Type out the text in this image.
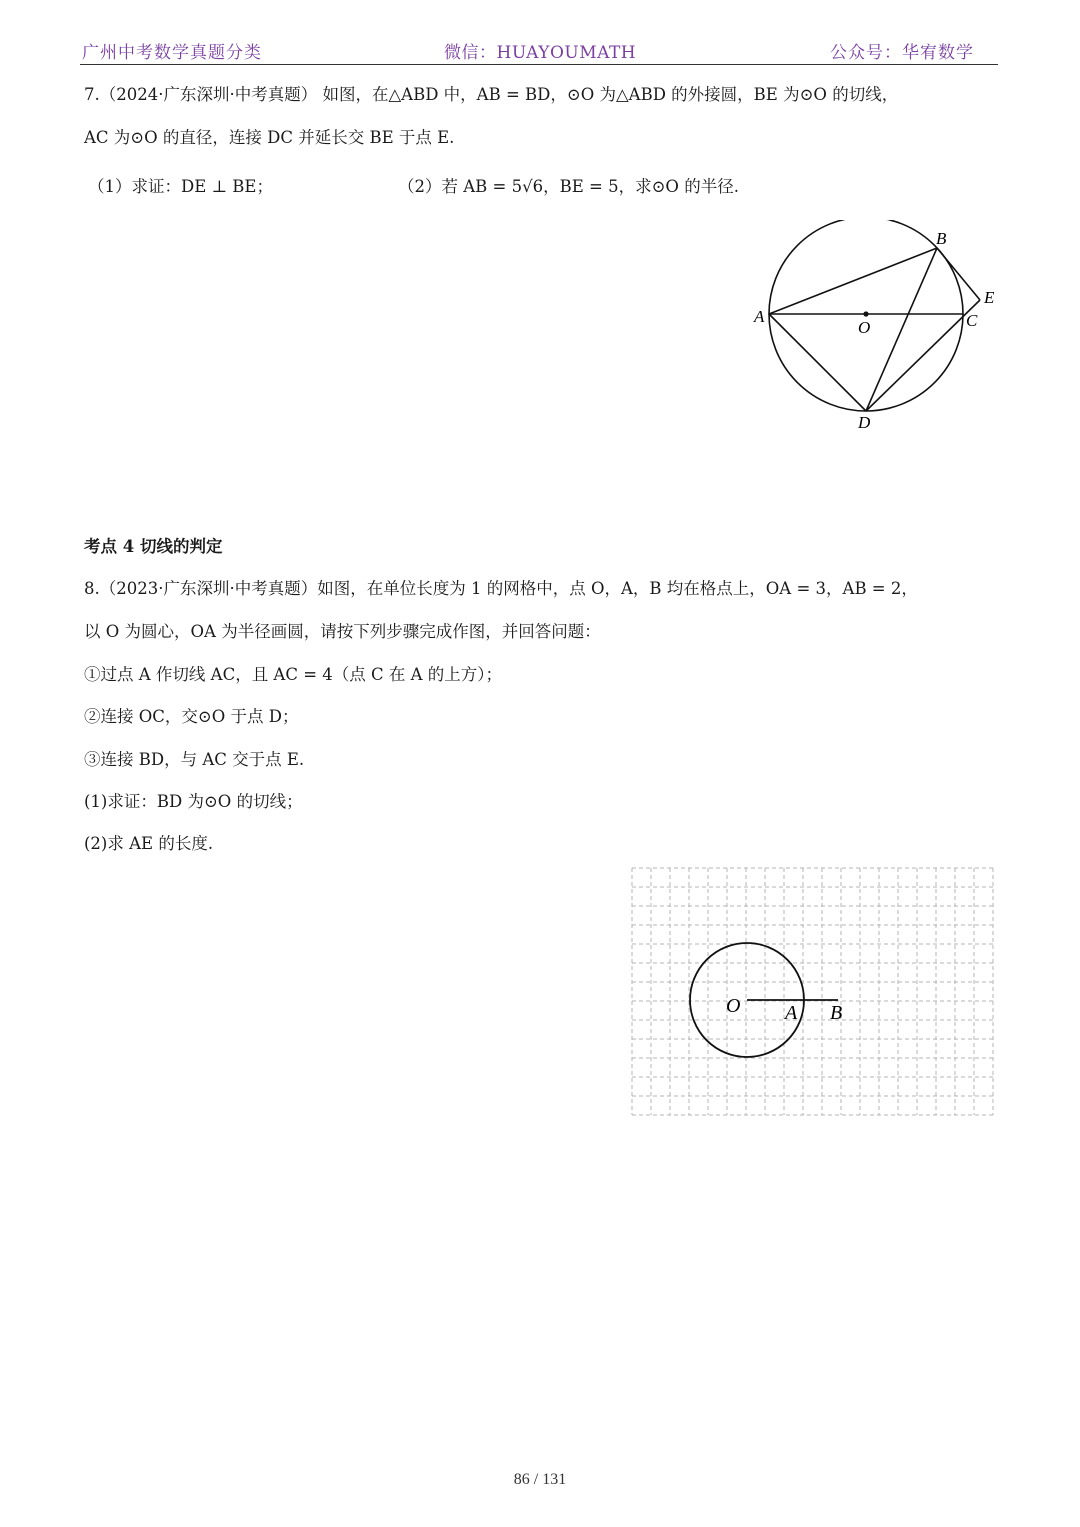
广州中考数学真题分类	微信：HUAYOUMATH	公众号：华宥数学
7.（2024·广东深圳·中考真题） 如图，在△ABD 中，AB = BD，⊙O 为△ABD 的外接圆，BE 为⊙O 的切线，
AC 为⊙O 的直径，连接 DC 并延长交 BE 于点 E.
（1）求证：DE ⊥ BE；	（2）若 AB = 5√6，BE = 5，求⊙O 的半径.
A
B
C
D
E
O
考点 4 切线的判定
8.（2023·广东深圳·中考真题）如图，在单位长度为 1 的网格中，点 O，A，B 均在格点上，OA = 3，AB = 2，
以 O 为圆心，OA 为半径画圆，请按下列步骤完成作图，并回答问题：
①过点 A 作切线 AC，且 AC = 4（点 C 在 A 的上方）；
②连接 OC，交⊙O 于点 D；
③连接 BD，与 AC 交于点 E.
(1)求证：BD 为⊙O 的切线；
(2)求 AE 的长度.
O A B
86 / 131
